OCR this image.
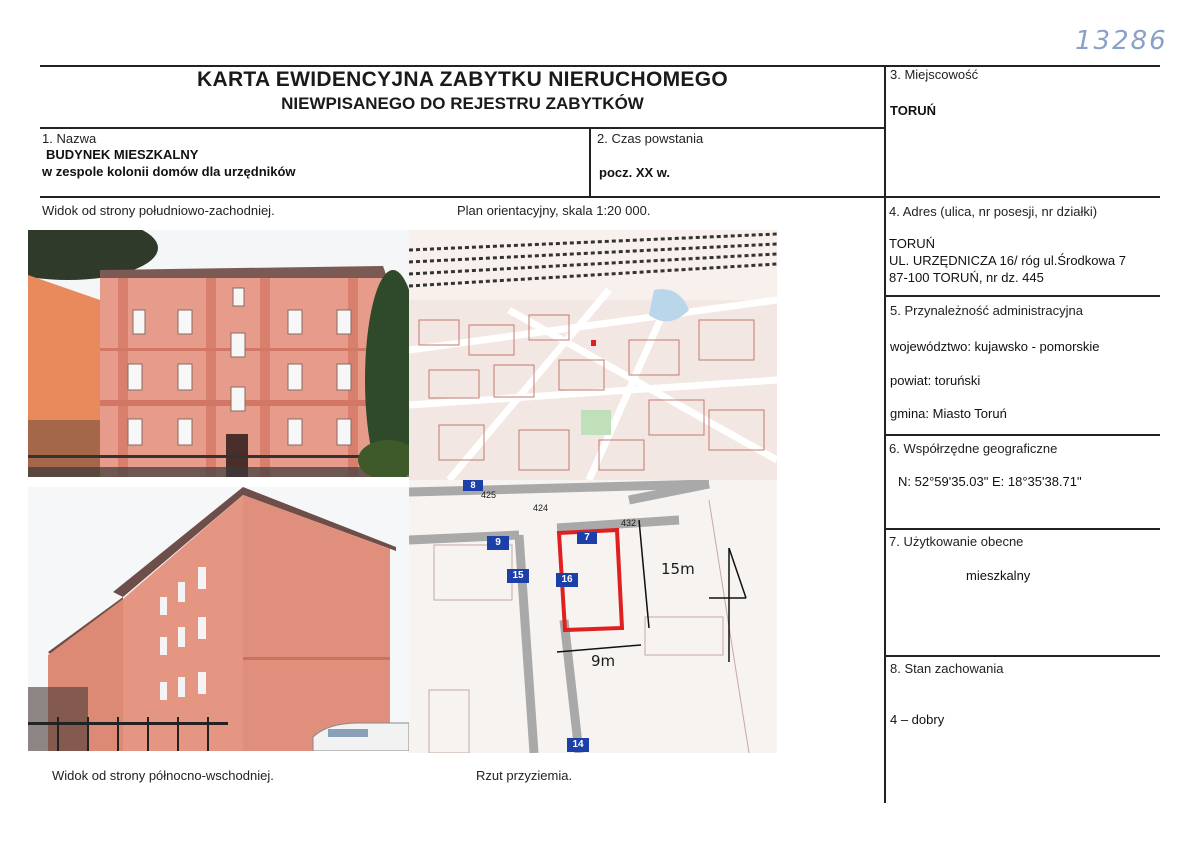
13286
KARTA EWIDENCYJNA ZABYTKU NIERUCHOMEGO
NIEWPISANEGO DO REJESTRU ZABYTKÓW
1. Nazwa
BUDYNEK MIESZKALNY
w zespole kolonii domów dla urzędników
2. Czas powstania
pocz. XX w.
3. Miejscowość
TORUŃ
4. Adres (ulica, nr posesji, nr działki)
TORUŃ
UL. URZĘDNICZA 16/ róg ul.Środkowa 7
87-100 TORUŃ, nr dz. 445
5. Przynależność administracyjna
województwo: kujawsko - pomorskie
powiat: toruński
gmina: Miasto Toruń
6. Współrzędne geograficzne
N: 52°59'35.03" E: 18°35'38.71"
7. Użytkowanie obecne
mieszkalny
8. Stan zachowania
4 – dobry
Widok od strony południowo-zachodniej.	Plan orientacyjny, skala 1:20 000.
Widok od strony północno-wschodniej.	Rzut przyziemia.
425
424
432
8
9
15	16
7
14
15m
9m
